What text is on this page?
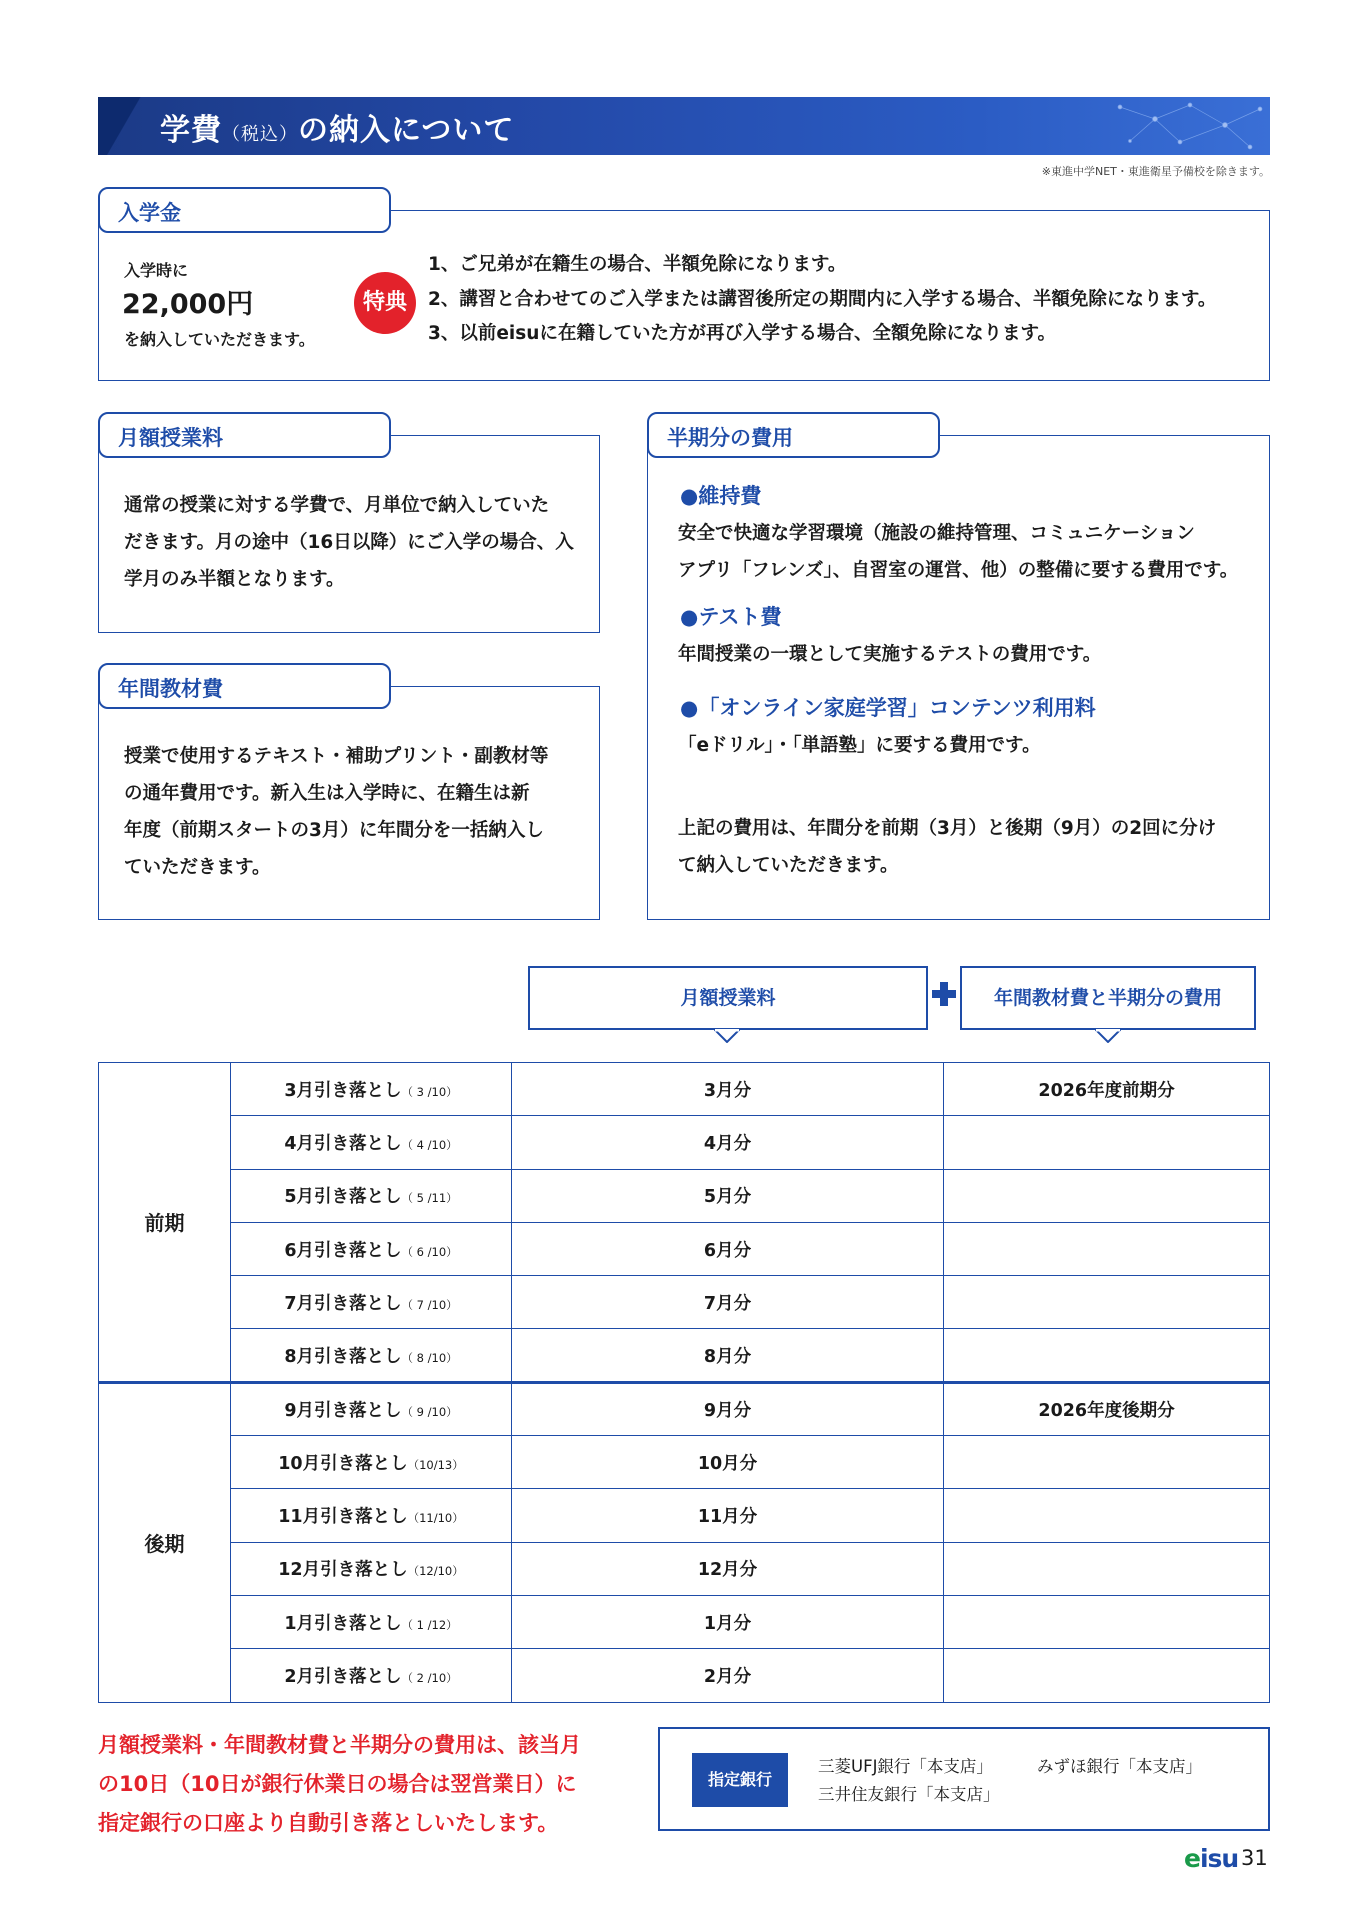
学費（税込）の納入について
※東進中学NET・東進衛星予備校を除きます。
入学金
入学時に
22,000円
を納入していただきます。
特典
1、ご兄弟が在籍生の場合、半額免除になります。
2、講習と合わせてのご入学または講習後所定の期間内に入学する場合、半額免除になります。
3、以前eisuに在籍していた方が再び入学する場合、全額免除になります。
月額授業料
通常の授業に対する学費で、月単位で納入していた
だきます。月の途中（16日以降）にご入学の場合、入
学月のみ半額となります。
年間教材費
授業で使用するテキスト・補助プリント・副教材等
の通年費用です。新入生は入学時に、在籍生は新
年度（前期スタートの3月）に年間分を一括納入し
ていただきます。
半期分の費用
●維持費
安全で快適な学習環境（施設の維持管理、コミュニケーション
アプリ「フレンズ」、自習室の運営、他）の整備に要する費用です。
●テスト費
年間授業の一環として実施するテストの費用です。
●「オンライン家庭学習」コンテンツ利用料
「eドリル」・「単語塾」に要する費用です。
上記の費用は、年間分を前期（3月）と後期（9月）の2回に分け
て納入していただきます。
月額授業料	年間教材費と半期分の費用
前期	3月引き落とし（ 3 /10）	3月分	2026年度前期分
	4月引き落とし（ 4 /10）	4月分	
	5月引き落とし（ 5 /11）	5月分	
	6月引き落とし（ 6 /10）	6月分	
	7月引き落とし（ 7 /10）	7月分	
	8月引き落とし（ 8 /10）	8月分	
後期	9月引き落とし（ 9 /10）	9月分	2026年度後期分
	10月引き落とし（10/13）	10月分	
	11月引き落とし（11/10）	11月分	
	12月引き落とし（12/10）	12月分	
	1月引き落とし（ 1 /12）	1月分	
	2月引き落とし（ 2 /10）	2月分	
月額授業料・年間教材費と半期分の費用は、該当月
の10日（10日が銀行休業日の場合は翌営業日）に
指定銀行の口座より自動引き落としいたします。
指定銀行
三菱UFJ銀行「本支店」	みずほ銀行「本支店」
三井住友銀行「本支店」
eisu 31
